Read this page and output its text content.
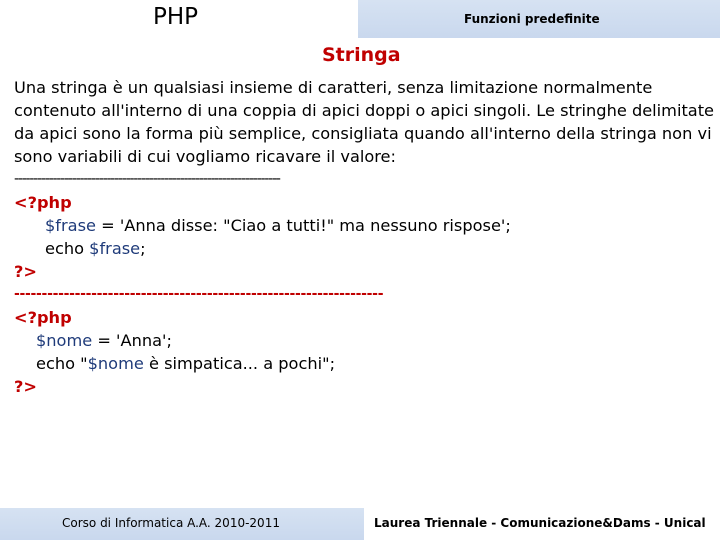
PHP	Funzioni predefinite
Stringa

Una stringa è un qualsiasi insieme di caratteri, senza limitazione normalmente contenuto all'interno di una coppia di apici doppi o apici singoli. Le stringhe delimitate da apici sono la forma più semplice, consigliata quando all'interno della stringa non vi sono variabili di cui vogliamo ricavare il valore:

---------------------------------------------------------------------
<?php
$frase = 'Anna disse: "Ciao a tutti!" ma nessuno rispose';
echo $frase;
?>
-------------------------------------------------------------------
<?php
$nome = 'Anna';
echo "$nome è simpatica... a pochi";
?>
Corso di Informatica A.A. 2010-2011	Laurea Triennale - Comunicazione&Dams - Unical
